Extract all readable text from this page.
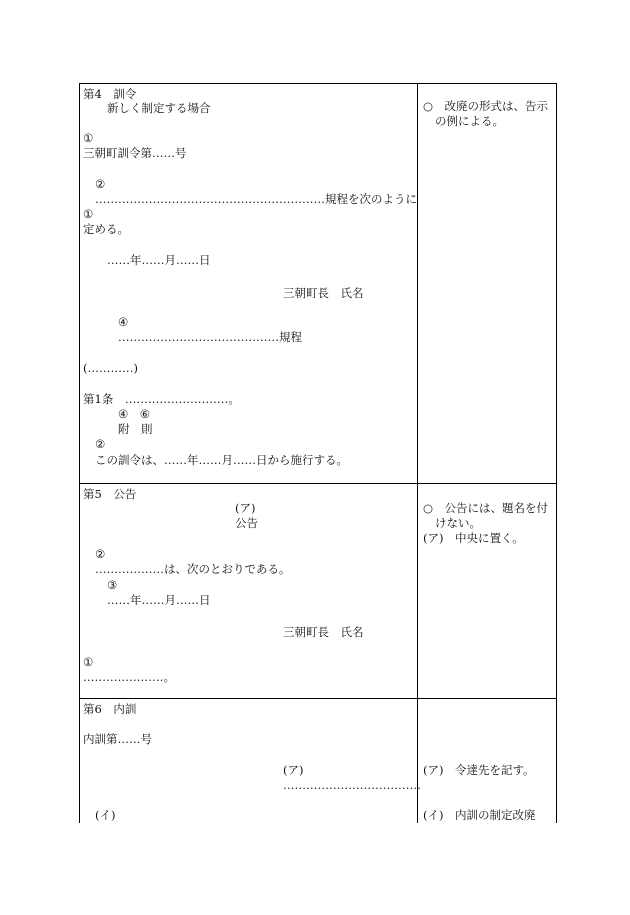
第4　訓令
新しく制定する場合
①
三朝町訓令第……号
②
……………………………………………………規程を次のように
①
定める。
……年……月……日
三朝町長　氏名
④
……………………………………規程
(…………)
第1条　………………………。
④　⑥
附　則
②
この訓令は、……年……月……日から施行する。
○　改廃の形式は、告示
の例による。
第5　公告
(ア)
公告
②
………………は、次のとおりである。
③
……年……月……日
三朝町長　氏名
①
…………………。
○　公告には、題名を付
けない。
(ア)　中央に置く。
第6　内訓
内訓第……号
(ア)
………………………………
(イ)
(ア)　令達先を記す。
(イ)　内訓の制定改廃
